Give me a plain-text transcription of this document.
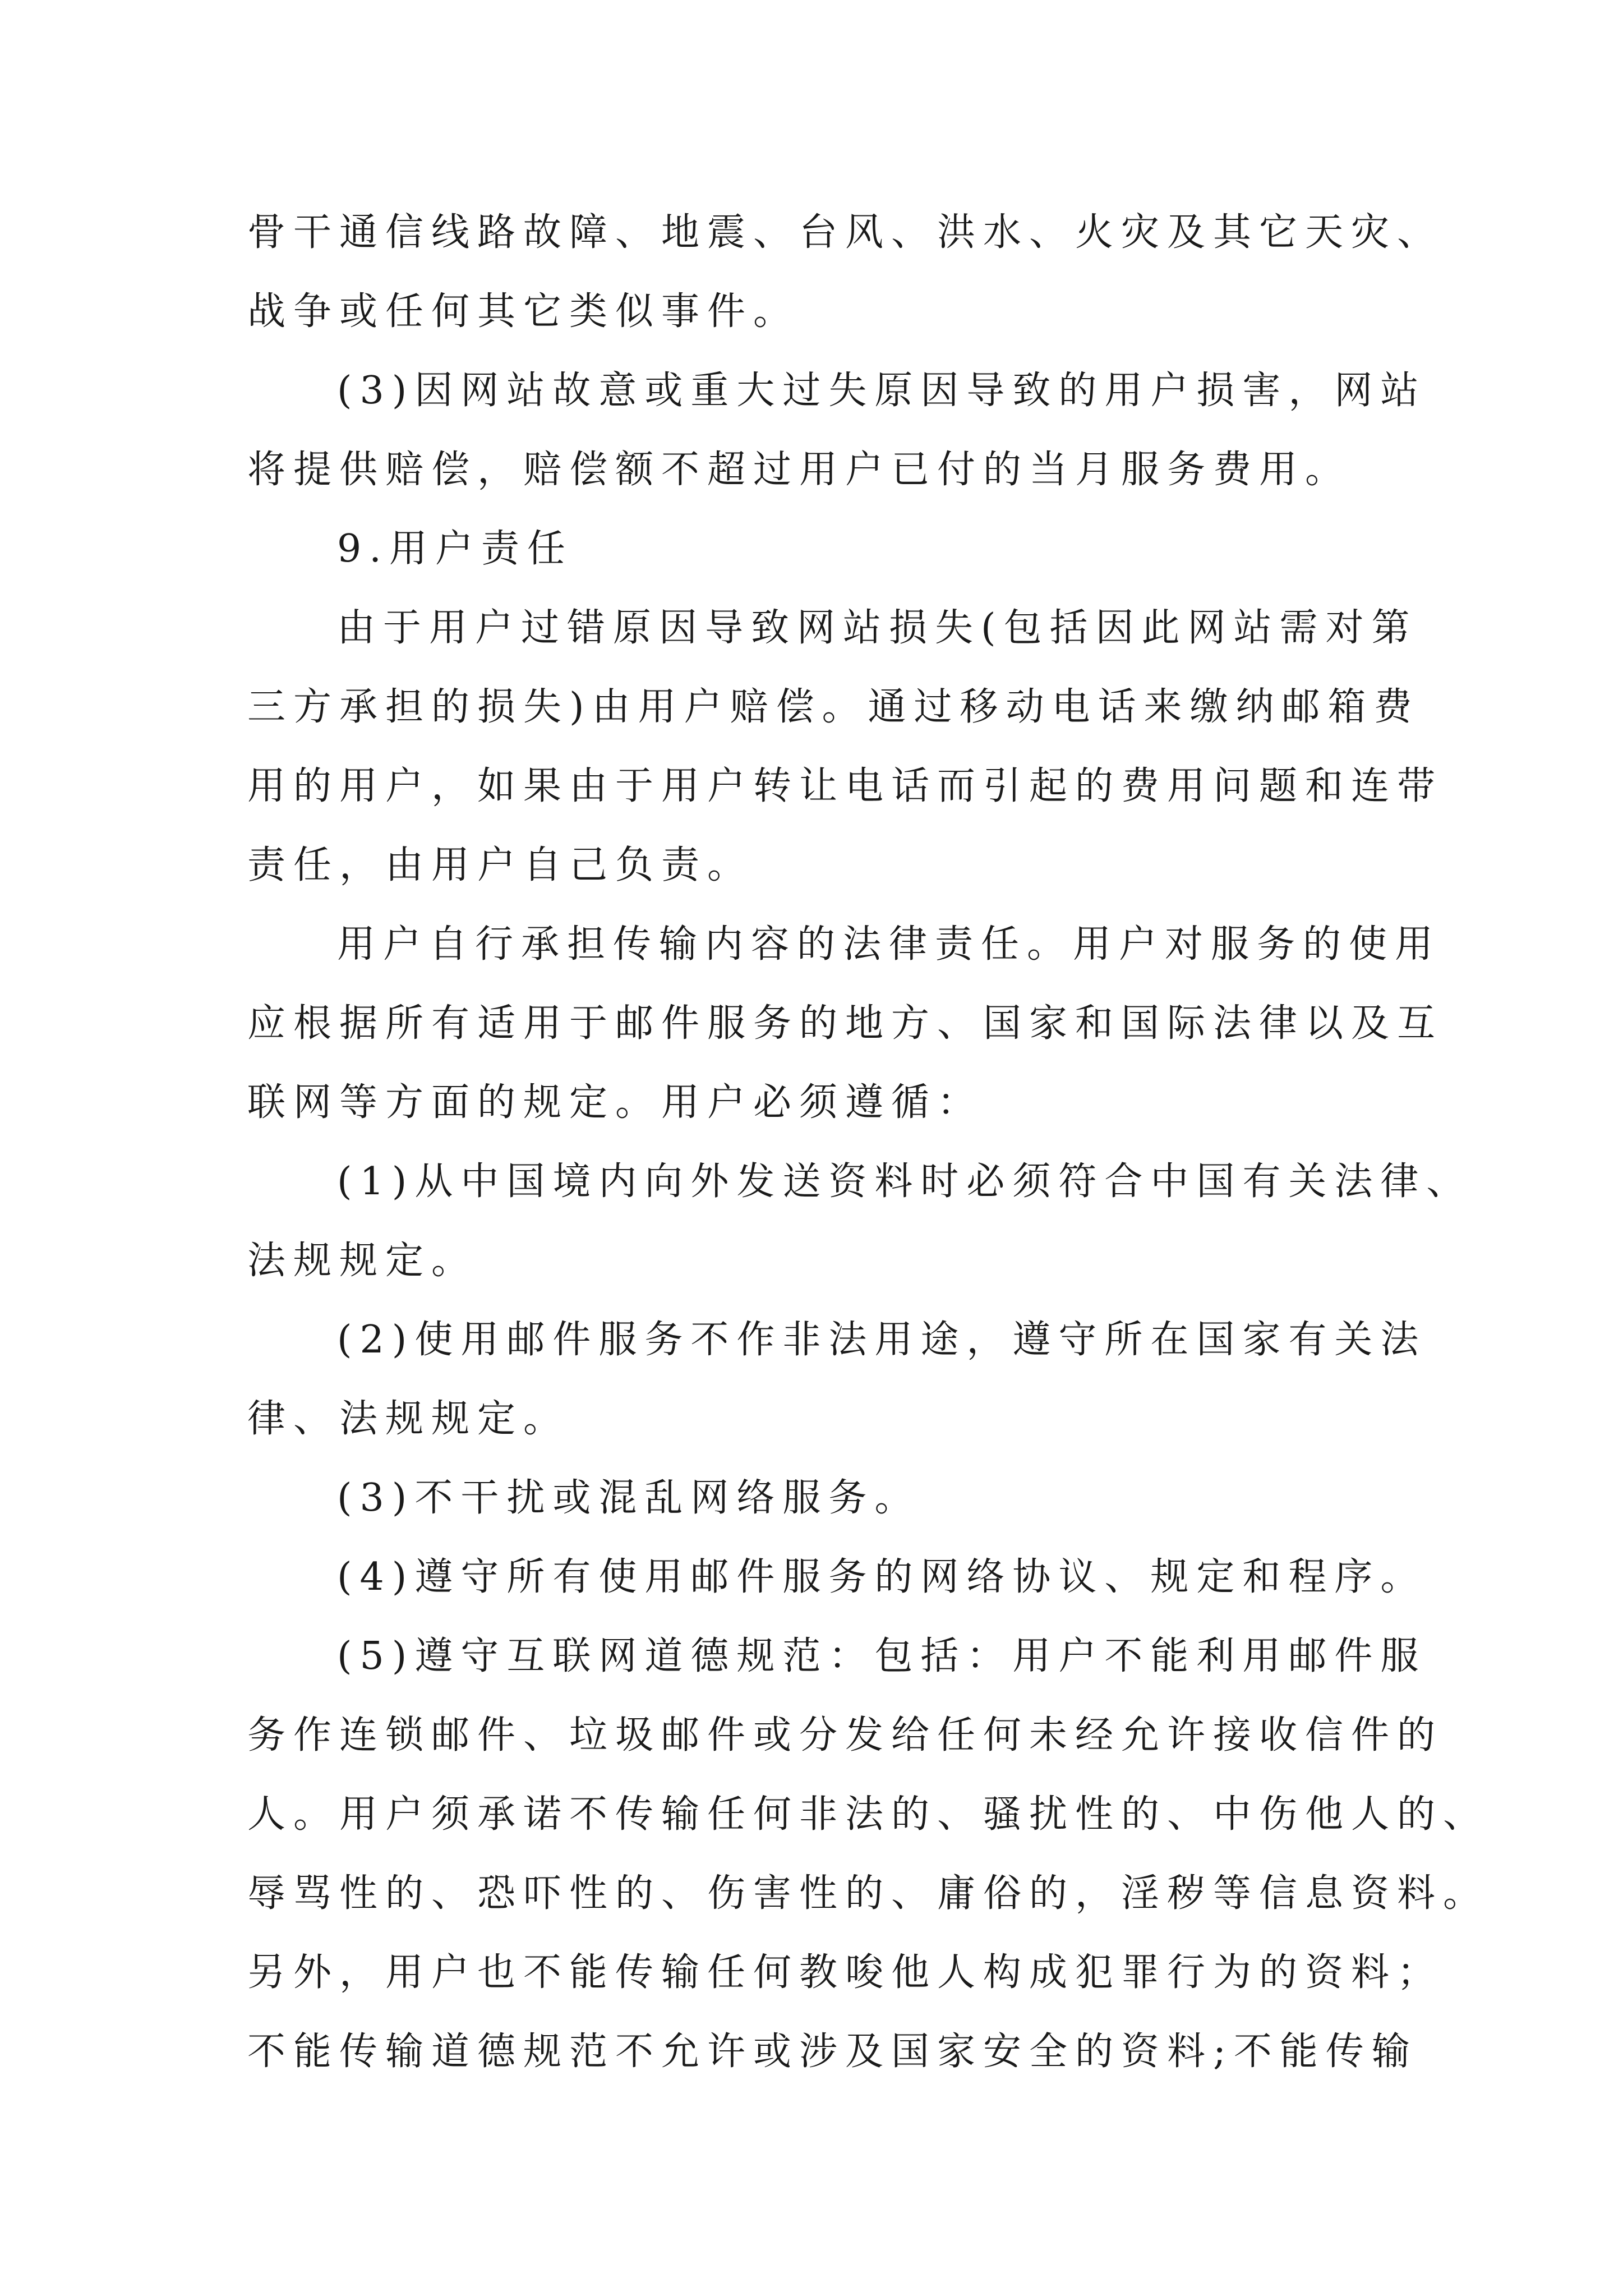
骨干通信线路故障、地震、台风、洪水、火灾及其它天灾、

战争或任何其它类似事件。

(3)因网站故意或重大过失原因导致的用户损害，网站

将提供赔偿，赔偿额不超过用户已付的当月服务费用。

9.用户责任

由于用户过错原因导致网站损失(包括因此网站需对第

三方承担的损失)由用户赔偿。通过移动电话来缴纳邮箱费

用的用户，如果由于用户转让电话而引起的费用问题和连带

责任，由用户自己负责。

用户自行承担传输内容的法律责任。用户对服务的使用

应根据所有适用于邮件服务的地方、国家和国际法律以及互

联网等方面的规定。用户必须遵循：

(1)从中国境内向外发送资料时必须符合中国有关法律、

法规规定。

(2)使用邮件服务不作非法用途，遵守所在国家有关法

律、法规规定。

(3)不干扰或混乱网络服务。

(4)遵守所有使用邮件服务的网络协议、规定和程序。

(5)遵守互联网道德规范：包括：用户不能利用邮件服

务作连锁邮件、垃圾邮件或分发给任何未经允许接收信件的

人。用户须承诺不传输任何非法的、骚扰性的、中伤他人的、

辱骂性的、恐吓性的、伤害性的、庸俗的，淫秽等信息资料。

另外，用户也不能传输任何教唆他人构成犯罪行为的资料；

不能传输道德规范不允许或涉及国家安全的资料;不能传输
